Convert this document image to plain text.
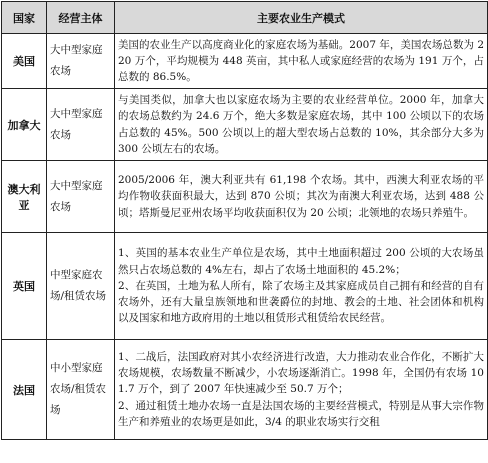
国家	经营主体	主要农业生产模式
美国	大中型家庭农场	美国的农业生产以高度商业化的家庭农场为基础。2007 年，美国农场总数为 220 万个，平均规模为 448 英亩，其中私人或家庭经营的农场为 191 万个，占总数的 86.5%。

加拿大	大中型家庭农场	与美国类似，加拿大也以家庭农场为主要的农业经营单位。2000 年，加拿大的农场总数约为 24.6 万个，绝大多数是家庭农场，其中 100 公顷以下的农场占总数的 45%。500 公顷以上的超大型农场占总数的 10%，其余部分大多为 300 公顷左右的农场。

澳大利亚	大中型家庭农场	2005/2006 年，澳大利亚共有 61,198 个农场。其中，西澳大利亚农场的平均作物收获面积最大，达到 870 公顷；其次为南澳大利亚农场，达到 488 公顷；塔斯曼尼亚州农场平均收获面积仅为 20 公顷；北领地的农场只养殖牛。

英国	中型家庭农场/租赁农场	1、英国的基本农业生产单位是农场，其中土地面积超过 200 公顷的大农场虽然只占农场总数的 4%左右，却占了农场土地面积的 45.2%；
2、在英国，土地为私人所有，除了农场主及其家庭成员自己拥有和经营的自有农场外，还有大量皇族领地和世袭爵位的封地、教会的土地、社会团体和机构以及国家和地方政府用的土地以租赁形式租赁给农民经营。

法国	中小型家庭农场/租赁农场	1、二战后，法国政府对其小农经济进行改造，大力推动农业合作化，不断扩大农场规模，农场数量不断减少，小农场逐渐消亡。1998 年，全国仍有农场 101.7 万个，到了 2007 年快速减少至 50.7 万个；
2、通过租赁土地办农场一直是法国农场的主要经营模式，特别是从事大宗作物生产和养殖业的农场更是如此，3/4 的职业农场实行交租
